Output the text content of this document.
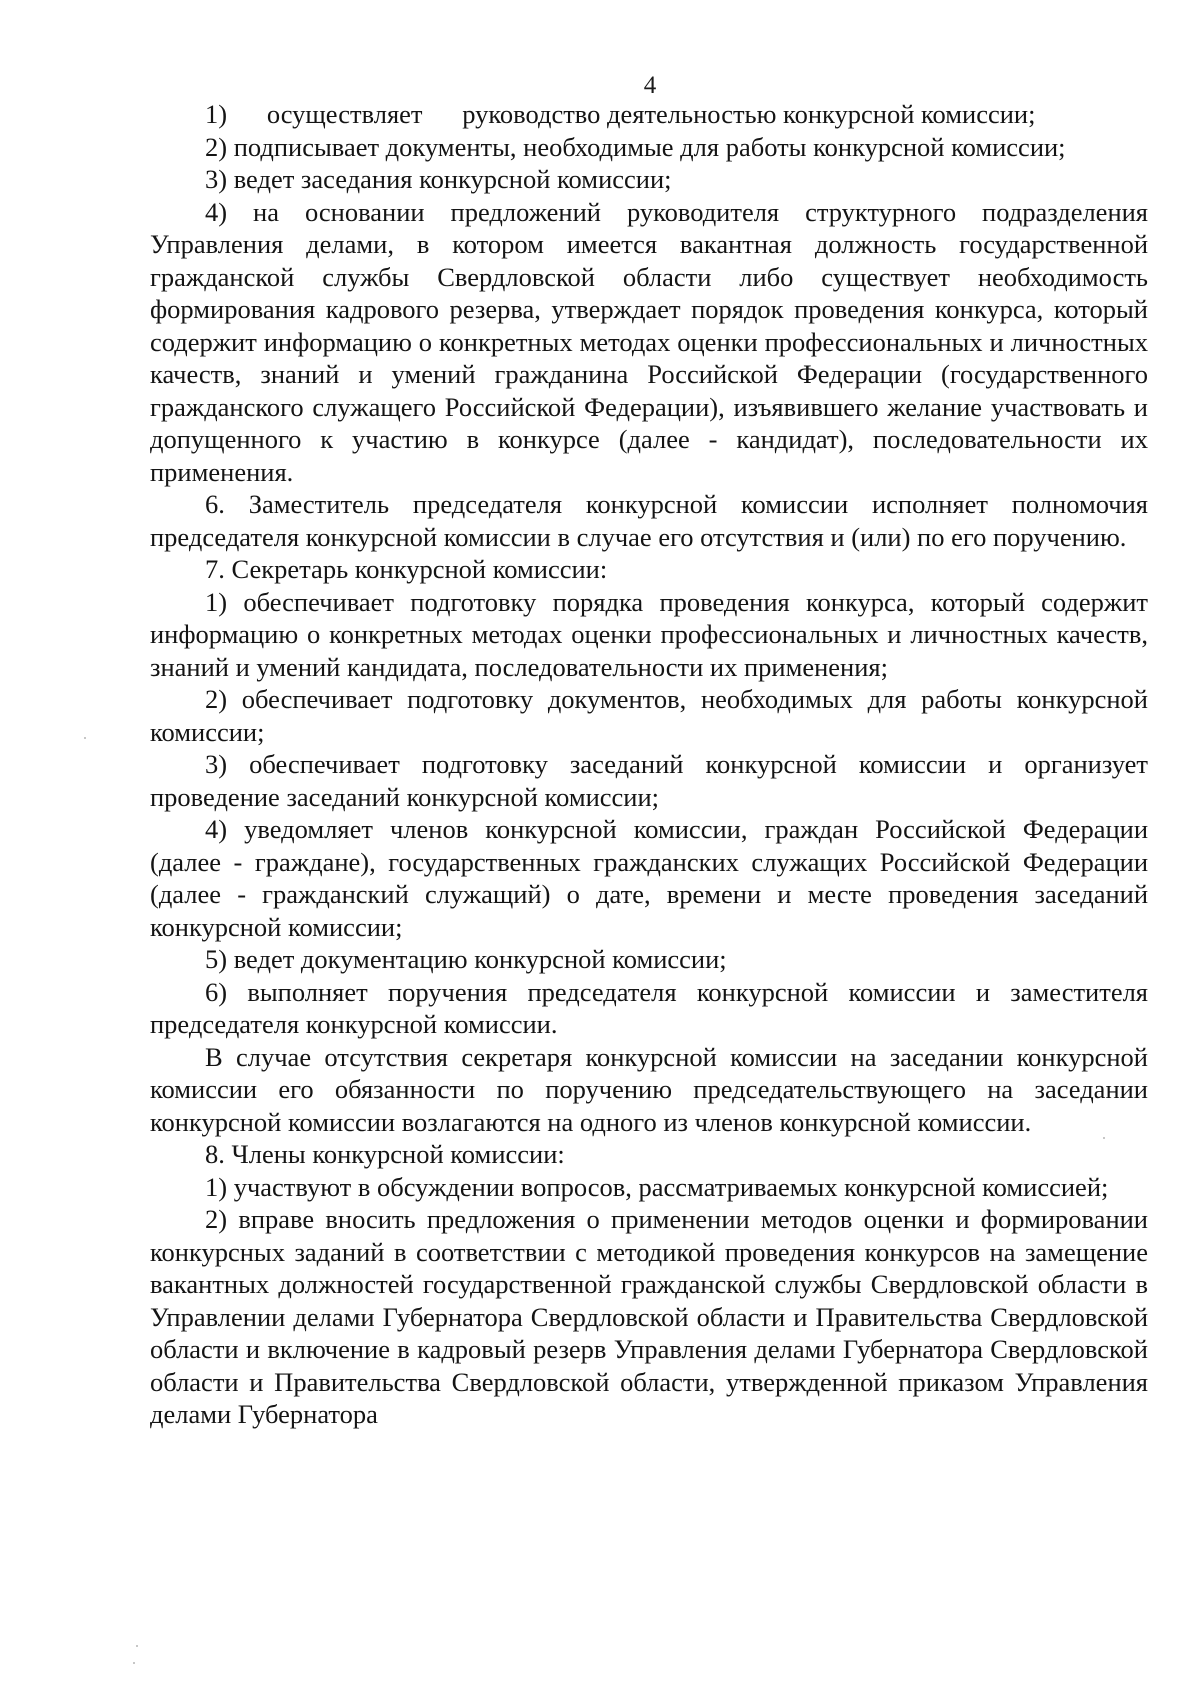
4

1)  осуществляет  руководство деятельностью конкурсной комиссии;

2) подписывает документы, необходимые для работы конкурсной комиссии;

3) ведет заседания конкурсной комиссии;

4) на основании предложений руководителя структурного подразделения Управления делами, в котором имеется вакантная должность государственной гражданской службы Свердловской области либо существует необходимость формирования кадрового резерва, утверждает порядок проведения конкурса, который содержит информацию о конкретных методах оценки профессиональных и личностных качеств, знаний и умений гражданина Российской Федерации (государственного гражданского служащего Российской Федерации), изъявившего желание участвовать и допущенного к участию в конкурсе (далее - кандидат), последовательности их применения.

6. Заместитель председателя конкурсной комиссии исполняет полномочия председателя конкурсной комиссии в случае его отсутствия и (или) по его поручению.

7. Секретарь конкурсной комиссии:

1) обеспечивает подготовку порядка проведения конкурса, который содержит информацию о конкретных методах оценки профессиональных и личностных качеств, знаний и умений кандидата, последовательности их применения;

2) обеспечивает подготовку документов, необходимых для работы конкурсной комиссии;

3) обеспечивает подготовку заседаний конкурсной комиссии и организует проведение заседаний конкурсной комиссии;

4) уведомляет членов конкурсной комиссии, граждан Российской Федерации (далее - граждане), государственных гражданских служащих Российской Федерации (далее - гражданский служащий) о дате, времени и месте проведения заседаний конкурсной комиссии;

5) ведет документацию конкурсной комиссии;

6) выполняет поручения председателя конкурсной комиссии и заместителя председателя конкурсной комиссии.

В случае отсутствия секретаря конкурсной комиссии на заседании конкурсной комиссии его обязанности по поручению председательствующего на заседании конкурсной комиссии возлагаются на одного из членов конкурсной комиссии.

8. Члены конкурсной комиссии:

1) участвуют в обсуждении вопросов, рассматриваемых конкурсной комиссией;

2) вправе вносить предложения о применении методов оценки и формировании конкурсных заданий в соответствии с методикой проведения конкурсов на замещение вакантных должностей государственной гражданской службы Свердловской области в Управлении делами Губернатора Свердловской области и Правительства Свердловской области и включение в кадровый резерв Управления делами Губернатора Свердловской области и Правительства Свердловской области, утвержденной приказом Управления делами Губернатора
